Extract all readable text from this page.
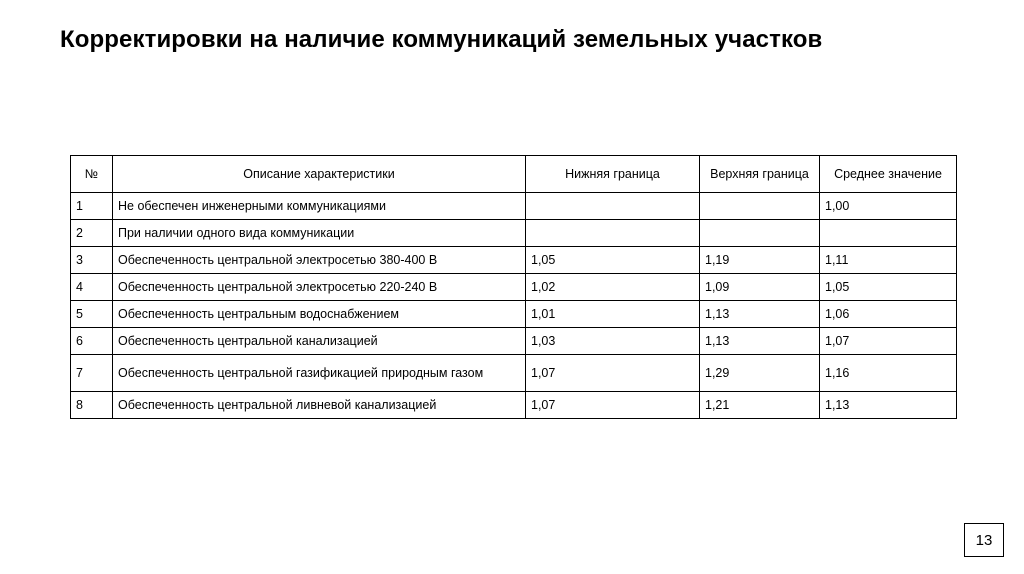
Корректировки на наличие коммуникаций земельных участков
№	Описание характеристики	Нижняя граница	Верхняя граница	Среднее значение
1	Не обеспечен инженерными коммуникациями			1,00
2	При наличии одного вида коммуникации			
3	Обеспеченность центральной электросетью 380-400 В	1,05	1,19	1,11
4	Обеспеченность центральной электросетью 220-240 В	1,02	1,09	1,05
5	Обеспеченность центральным водоснабжением	1,01	1,13	1,06
6	Обеспеченность центральной канализацией	1,03	1,13	1,07
7	Обеспеченность центральной газификацией природным газом	1,07	1,29	1,16
8	Обеспеченность центральной ливневой канализацией	1,07	1,21	1,13
13
